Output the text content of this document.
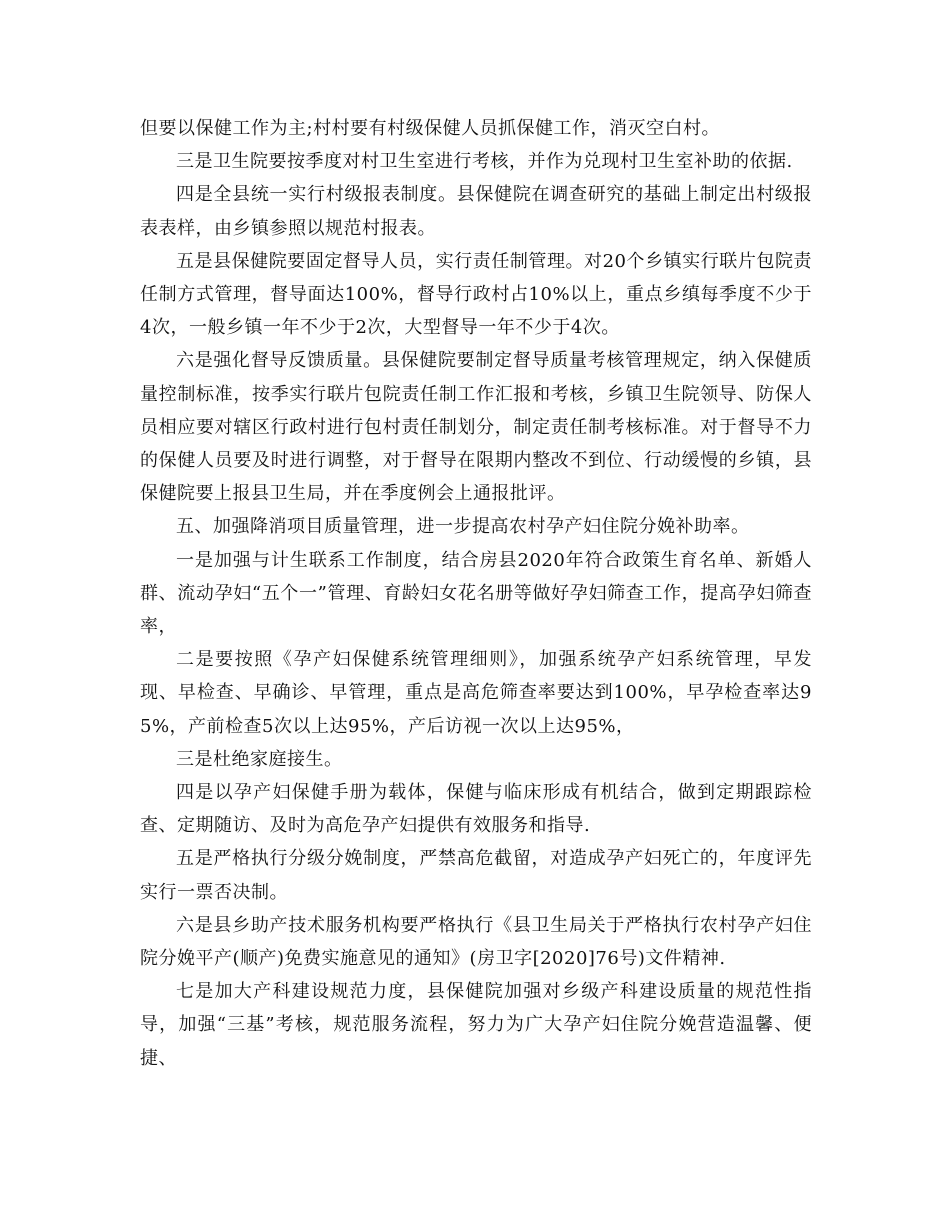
但要以保健工作为主;村村要有村级保健人员抓保健工作，消灭空白村。

三是卫生院要按季度对村卫生室进行考核，并作为兑现村卫生室补助的依据.

四是全县统一实行村级报表制度。县保健院在调查研究的基础上制定出村级报表表样，由乡镇参照以规范村报表。

五是县保健院要固定督导人员，实行责任制管理。对20个乡镇实行联片包院责任制方式管理，督导面达100%，督导行政村占10%以上，重点乡缜每季度不少于4次，一般乡镇一年不少于2次，大型督导一年不少于4次。

六是强化督导反馈质量。县保健院要制定督导质量考核管理规定，纳入保健质量控制标准，按季实行联片包院责任制工作汇报和考核，乡镇卫生院领导、防保人员相应要对辖区行政村进行包村责任制划分，制定责任制考核标准。对于督导不力的保健人员要及时进行调整，对于督导在限期内整改不到位、行动缓慢的乡镇，县保健院要上报县卫生局，并在季度例会上通报批评。

五、加强降消项目质量管理，进一步提高农村孕产妇住院分娩补助率。

一是加强与计生联系工作制度，结合房县2020年符合政策生育名单、新婚人群、流动孕妇“五个一”管理、育龄妇女花名册等做好孕妇筛查工作，提高孕妇筛查率，

二是要按照《孕产妇保健系统管理细则》，加强系统孕产妇系统管理，早发现、早检查、早确诊、早管理，重点是高危筛查率要达到100%，早孕检查率达95%，产前检查5次以上达95%，产后访视一次以上达95%，

三是杜绝家庭接生。

四是以孕产妇保健手册为载体，保健与临床形成有机结合，做到定期跟踪检查、定期随访、及时为高危孕产妇提供有效服务和指导.

五是严格执行分级分娩制度，严禁高危截留，对造成孕产妇死亡的，年度评先实行一票否决制。

六是县乡助产技术服务机构要严格执行《县卫生局关于严格执行农村孕产妇住院分娩平产(顺产)免费实施意见的通知》(房卫字[2020]76号)文件精神.

七是加大产科建设规范力度，县保健院加强对乡级产科建设质量的规范性指导，加强“三基”考核，规范服务流程，努力为广大孕产妇住院分娩营造温馨、便捷、
